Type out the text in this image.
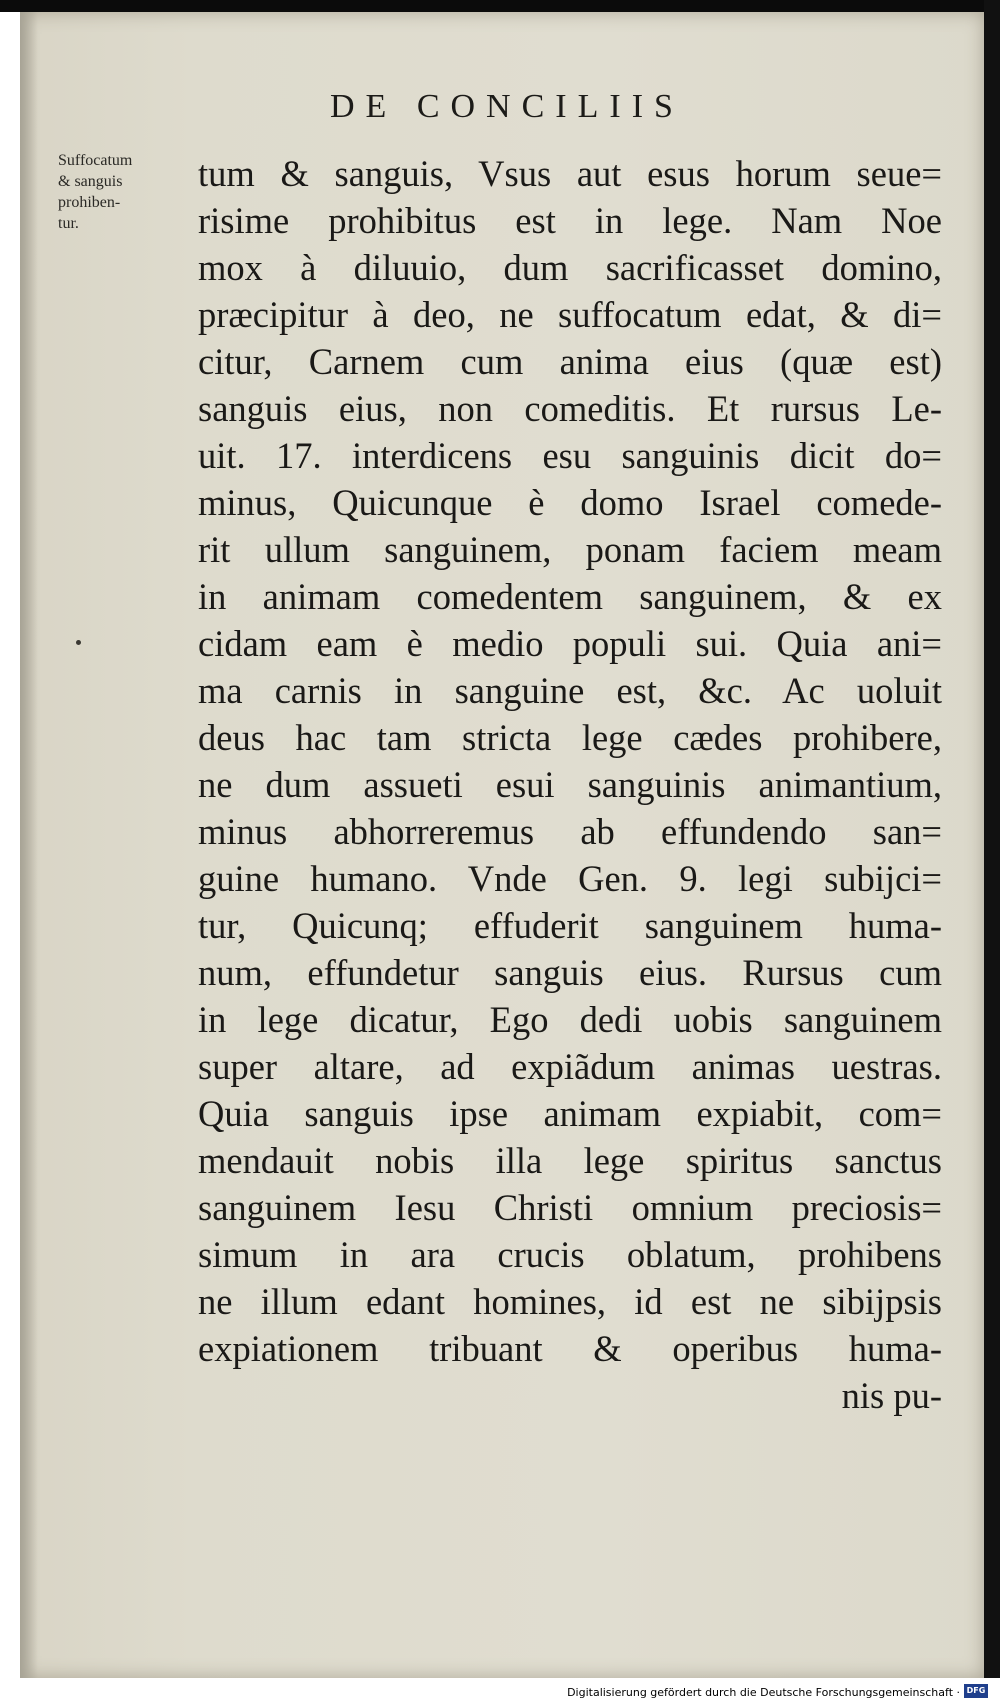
DE CONCILIIS
Suffocatum
& sanguis
prohiben-
tur.
tum & sanguis, Vsus aut esus horum seue=
risime prohibitus est in lege. Nam Noe
mox à diluuio, dum sacrificasset domino,
præcipitur à deo, ne suffocatum edat, & di=
citur, Carnem cum anima eius (quæ est)
sanguis eius, non comeditis. Et rursus Le-
uit. 17. interdicens esu sanguinis dicit do=
minus, Quicunque è domo Israel comede-
rit ullum sanguinem, ponam faciem meam
in animam comedentem sanguinem, & ex
cidam eam è medio populi sui. Quia ani=
ma carnis in sanguine est, &c. Ac uoluit
deus hac tam stricta lege cædes prohibere,
ne dum assueti esui sanguinis animantium,
minus abhorreremus ab effundendo san=
guine humano. Vnde Gen. 9. legi subijci=
tur, Quicunq; effuderit sanguinem huma-
num, effundetur sanguis eius. Rursus cum
in lege dicatur, Ego dedi uobis sanguinem
super altare, ad expiãdum animas uestras.
Quia sanguis ipse animam expiabit, com=
mendauit nobis illa lege spiritus sanctus
sanguinem Iesu Christi omnium preciosis=
simum in ara crucis oblatum, prohibens
ne illum edant homines, id est ne sibijpsis
expiationem tribuant & operibus huma-
nis pu-
Digitalisierung gefördert durch die Deutsche Forschungsgemeinschaft · DFG
